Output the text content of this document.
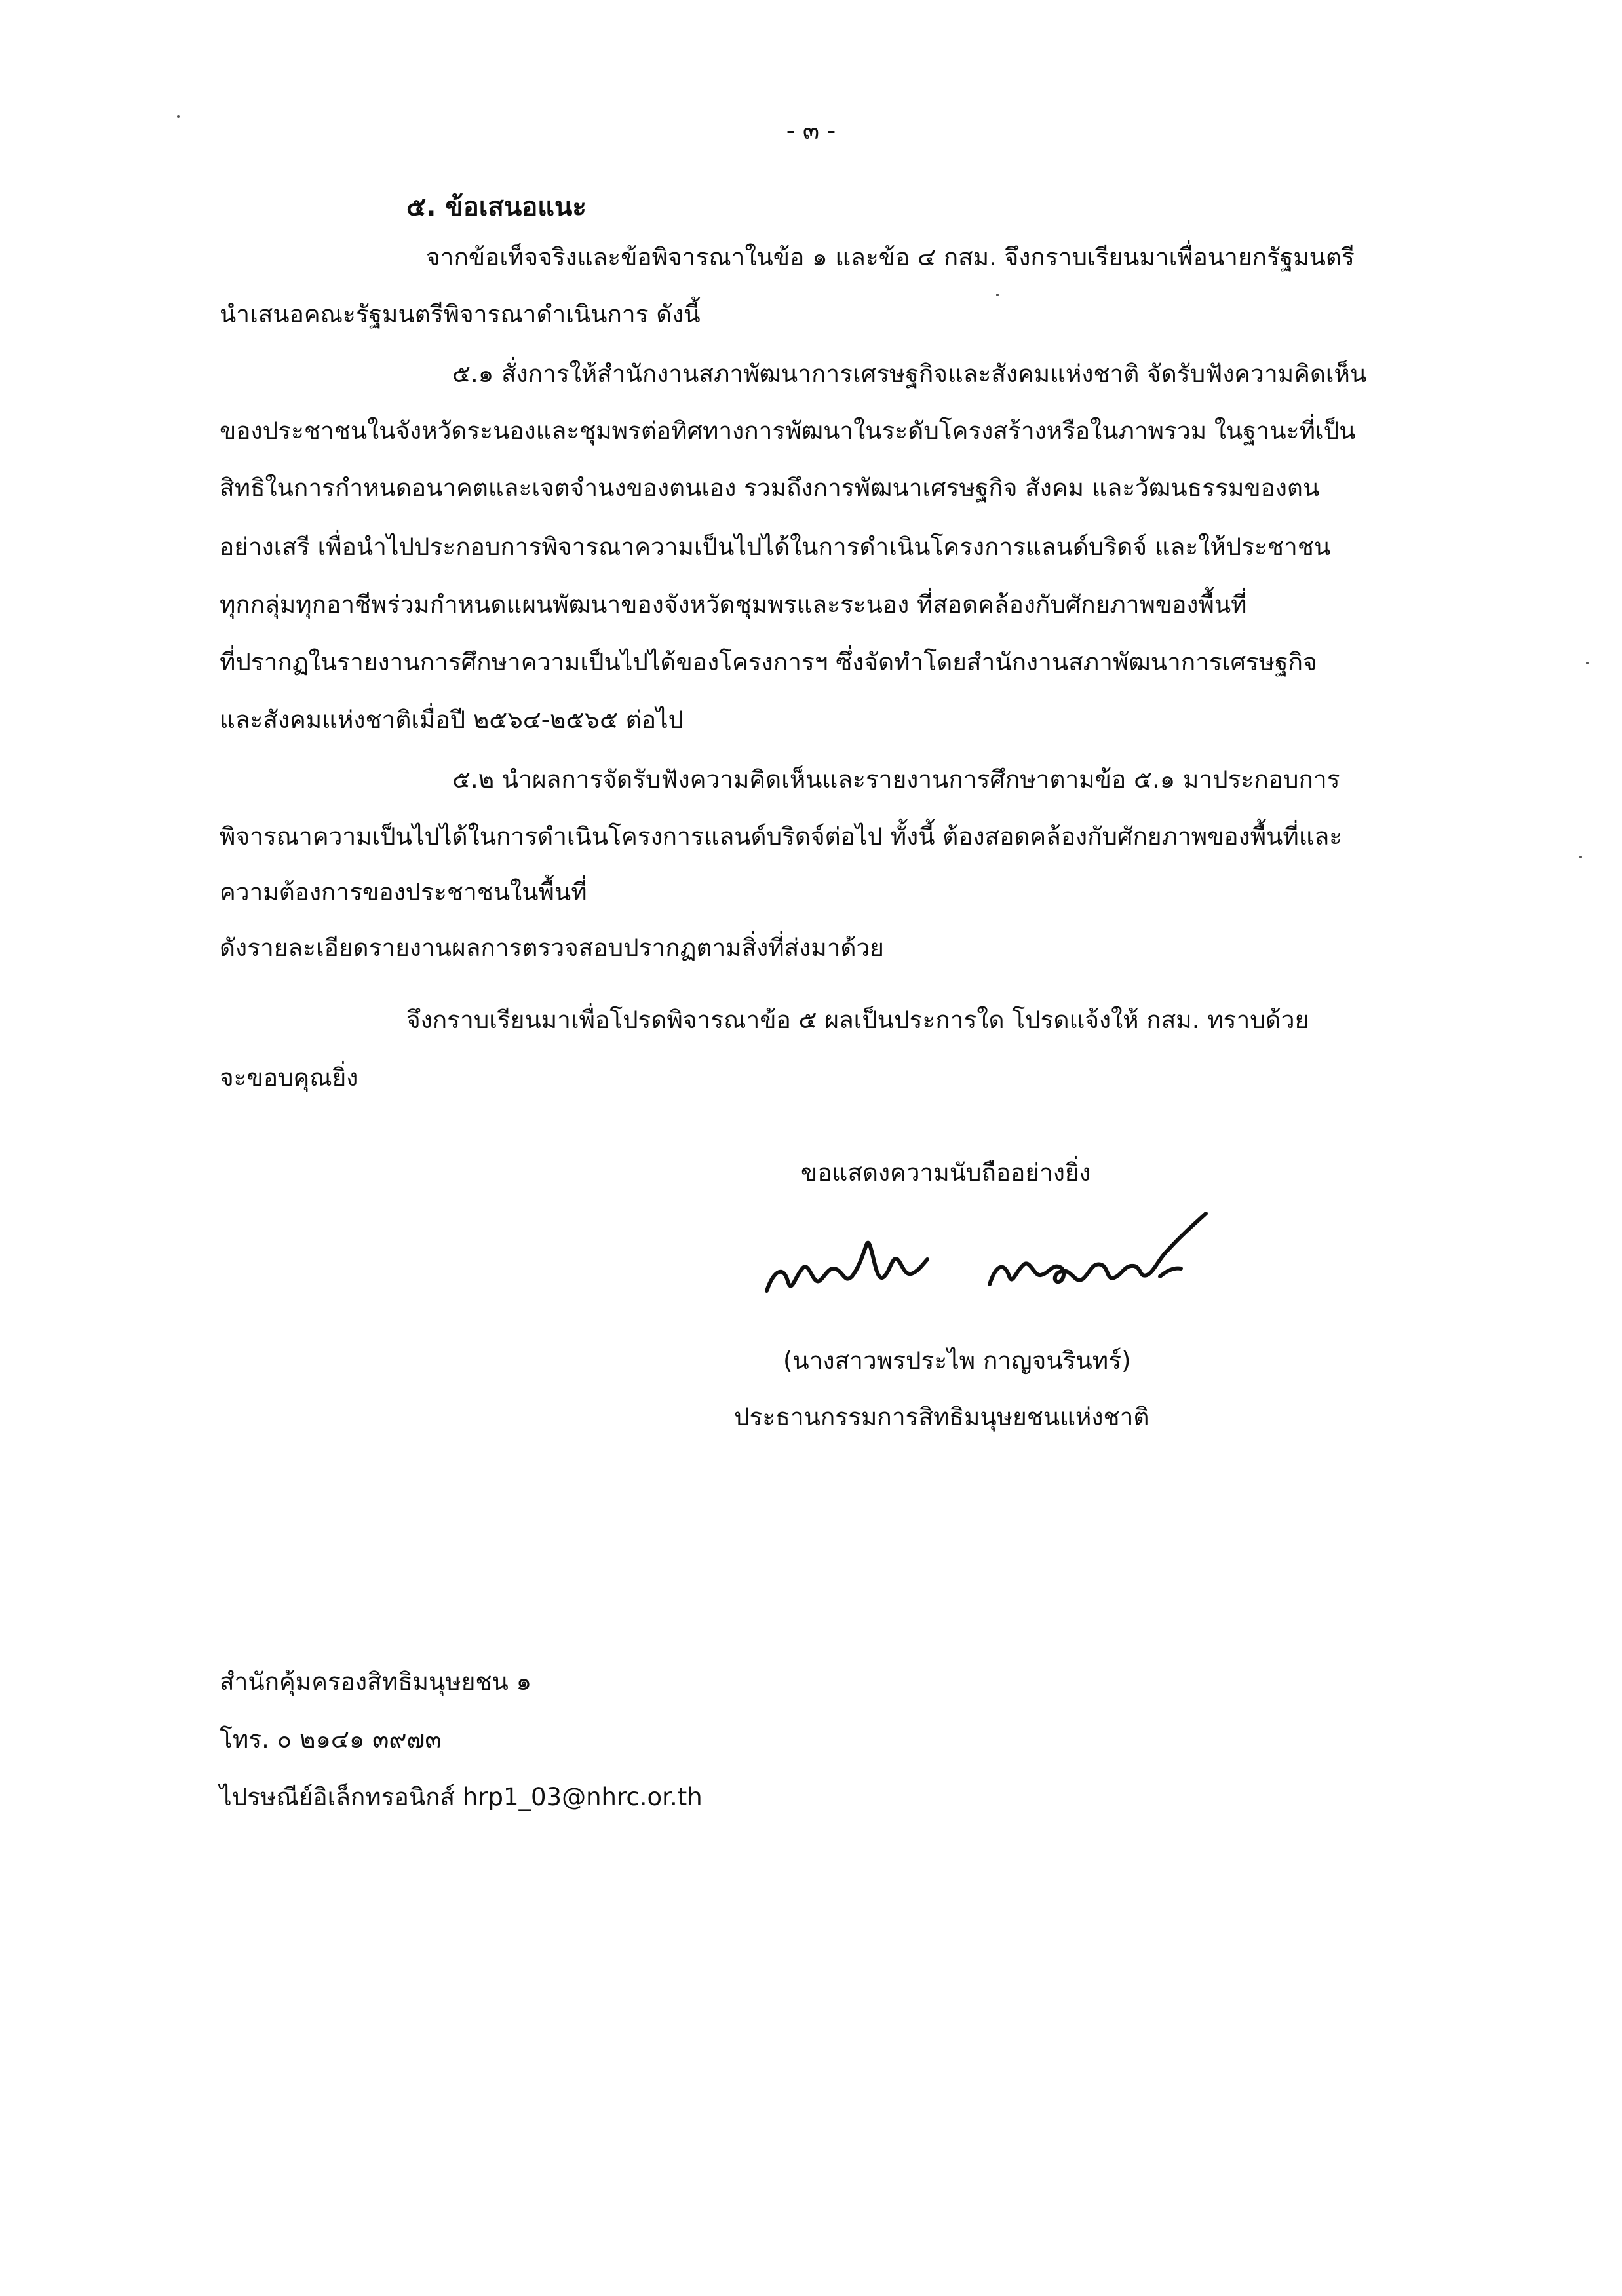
- ๓ -
๕. ข้อเสนอแนะ
จากข้อเท็จจริงและข้อพิจารณาในข้อ ๑ และข้อ ๔ กสม. จึงกราบเรียนมาเพื่อนายกรัฐมนตรี
นำเสนอคณะรัฐมนตรีพิจารณาดำเนินการ ดังนี้
๕.๑ สั่งการให้สำนักงานสภาพัฒนาการเศรษฐกิจและสังคมแห่งชาติ จัดรับฟังความคิดเห็น
ของประชาชนในจังหวัดระนองและชุมพรต่อทิศทางการพัฒนาในระดับโครงสร้างหรือในภาพรวม ในฐานะที่เป็น
สิทธิในการกำหนดอนาคตและเจตจำนงของตนเอง รวมถึงการพัฒนาเศรษฐกิจ สังคม และวัฒนธรรมของตน
อย่างเสรี เพื่อนำไปประกอบการพิจารณาความเป็นไปได้ในการดำเนินโครงการแลนด์บริดจ์ และให้ประชาชน
ทุกกลุ่มทุกอาชีพร่วมกำหนดแผนพัฒนาของจังหวัดชุมพรและระนอง ที่สอดคล้องกับศักยภาพของพื้นที่
ที่ปรากฏในรายงานการศึกษาความเป็นไปได้ของโครงการฯ ซึ่งจัดทำโดยสำนักงานสภาพัฒนาการเศรษฐกิจ
และสังคมแห่งชาติเมื่อปี ๒๕๖๔-๒๕๖๕ ต่อไป
๕.๒ นำผลการจัดรับฟังความคิดเห็นและรายงานการศึกษาตามข้อ ๕.๑ มาประกอบการ
พิจารณาความเป็นไปได้ในการดำเนินโครงการแลนด์บริดจ์ต่อไป ทั้งนี้ ต้องสอดคล้องกับศักยภาพของพื้นที่และ
ความต้องการของประชาชนในพื้นที่
ดังรายละเอียดรายงานผลการตรวจสอบปรากฏตามสิ่งที่ส่งมาด้วย
จึงกราบเรียนมาเพื่อโปรดพิจารณาข้อ ๕ ผลเป็นประการใด โปรดแจ้งให้ กสม. ทราบด้วย
จะขอบคุณยิ่ง
ขอแสดงความนับถืออย่างยิ่ง
(นางสาวพรประไพ กาญจนรินทร์)
ประธานกรรมการสิทธิมนุษยชนแห่งชาติ
สำนักคุ้มครองสิทธิมนุษยชน ๑
โทร. ๐ ๒๑๔๑ ๓๙๗๓
ไปรษณีย์อิเล็กทรอนิกส์ hrp1_03@nhrc.or.th
